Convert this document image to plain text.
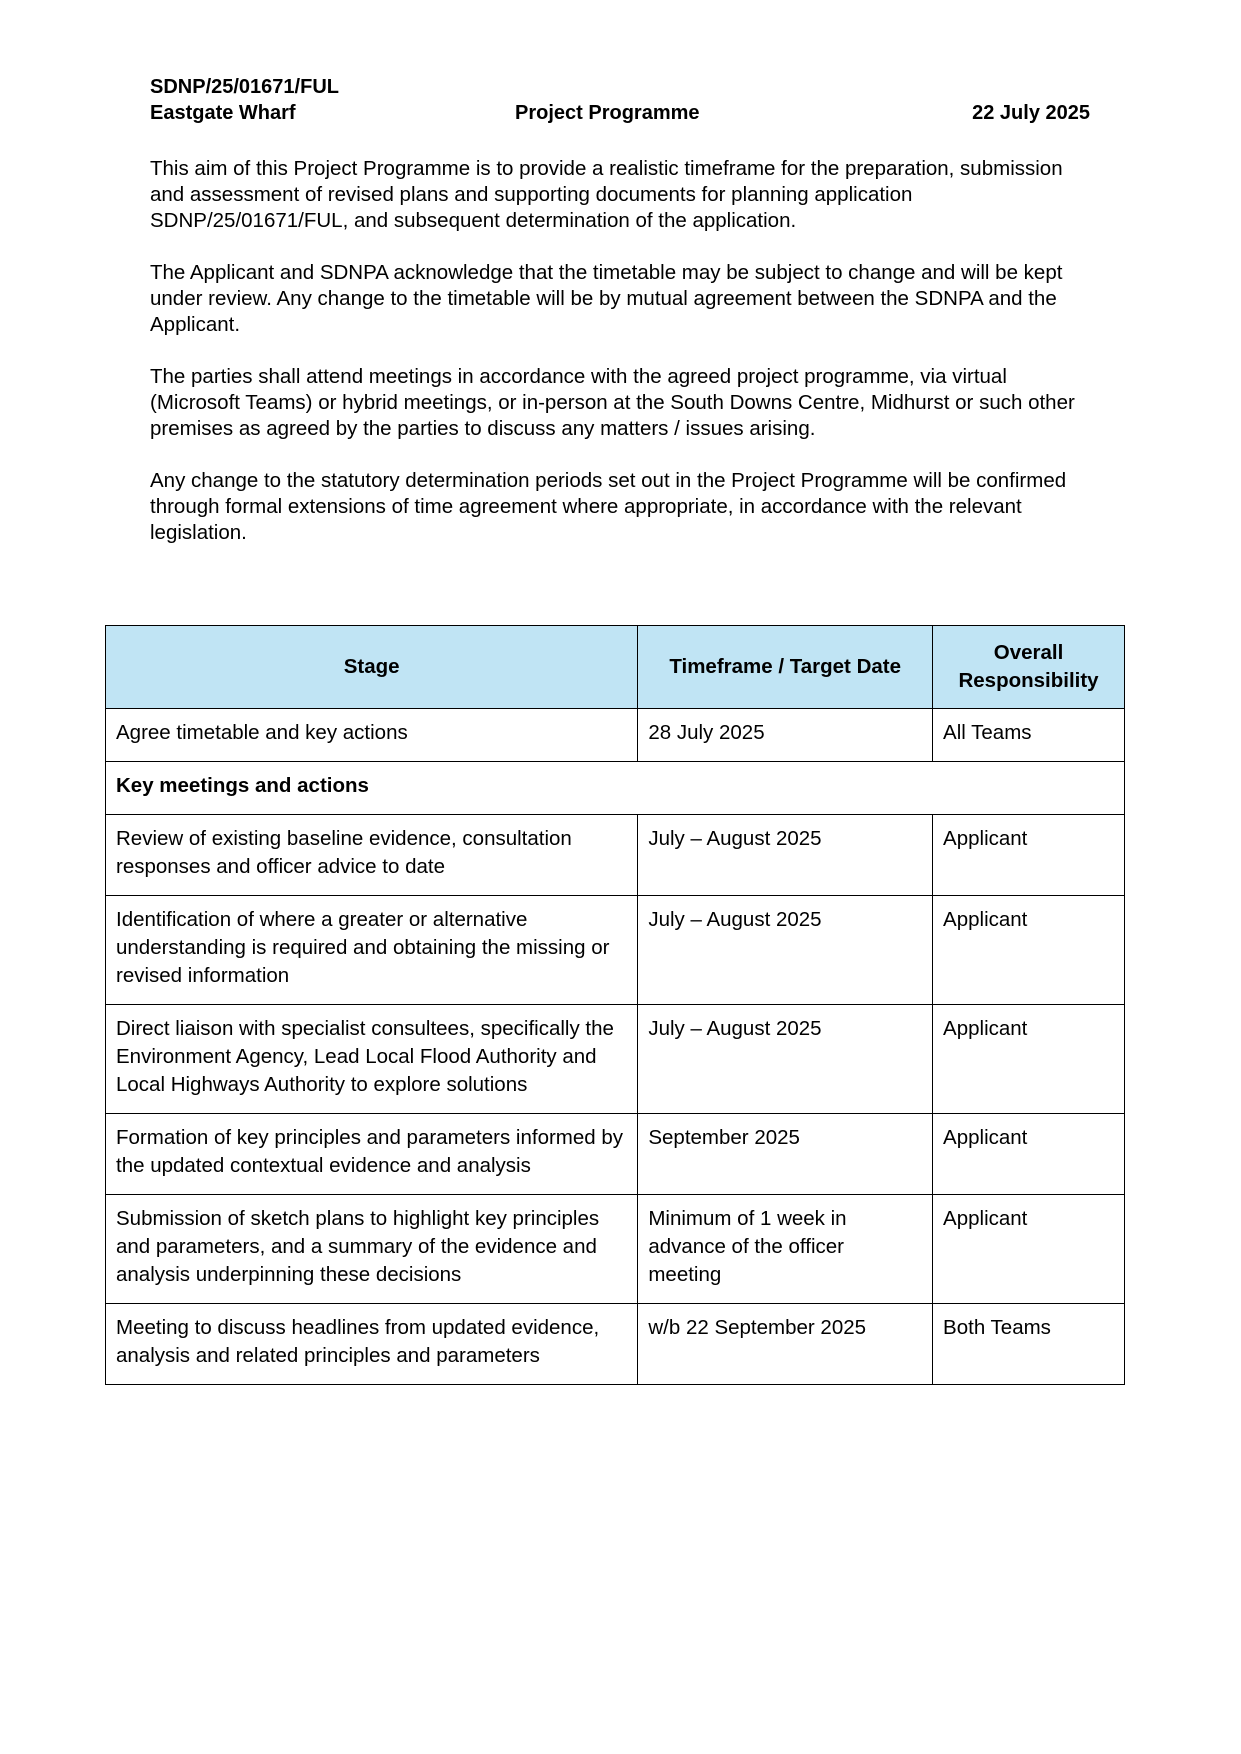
SDNP/25/01671/FUL
Eastgate Wharf	Project Programme	22 July 2025

This aim of this Project Programme is to provide a realistic timeframe for the preparation, submission and assessment of revised plans and supporting documents for planning application SDNP/25/01671/FUL, and subsequent determination of the application.

The Applicant and SDNPA acknowledge that the timetable may be subject to change and will be kept under review. Any change to the timetable will be by mutual agreement between the SDNPA and the Applicant.

The parties shall attend meetings in accordance with the agreed project programme, via virtual (Microsoft Teams) or hybrid meetings, or in-person at the South Downs Centre, Midhurst or such other premises as agreed by the parties to discuss any matters / issues arising.

Any change to the statutory determination periods set out in the Project Programme will be confirmed through formal extensions of time agreement where appropriate, in accordance with the relevant legislation.

Stage	Timeframe / Target Date	Overall Responsibility
Agree timetable and key actions	28 July 2025	All Teams
Key meetings and actions		
Review of existing baseline evidence, consultation responses and officer advice to date	July – August 2025	Applicant
Identification of where a greater or alternative understanding is required and obtaining the missing or revised information	July – August 2025	Applicant
Direct liaison with specialist consultees, specifically the Environment Agency, Lead Local Flood Authority and Local Highways Authority to explore solutions	July – August 2025	Applicant
Formation of key principles and parameters informed by the updated contextual evidence and analysis	September 2025	Applicant
Submission of sketch plans to highlight key principles and parameters, and a summary of the evidence and analysis underpinning these decisions	Minimum of 1 week in advance of the officer meeting	Applicant
Meeting to discuss headlines from updated evidence, analysis and related principles and parameters	w/b 22 September 2025	Both Teams
